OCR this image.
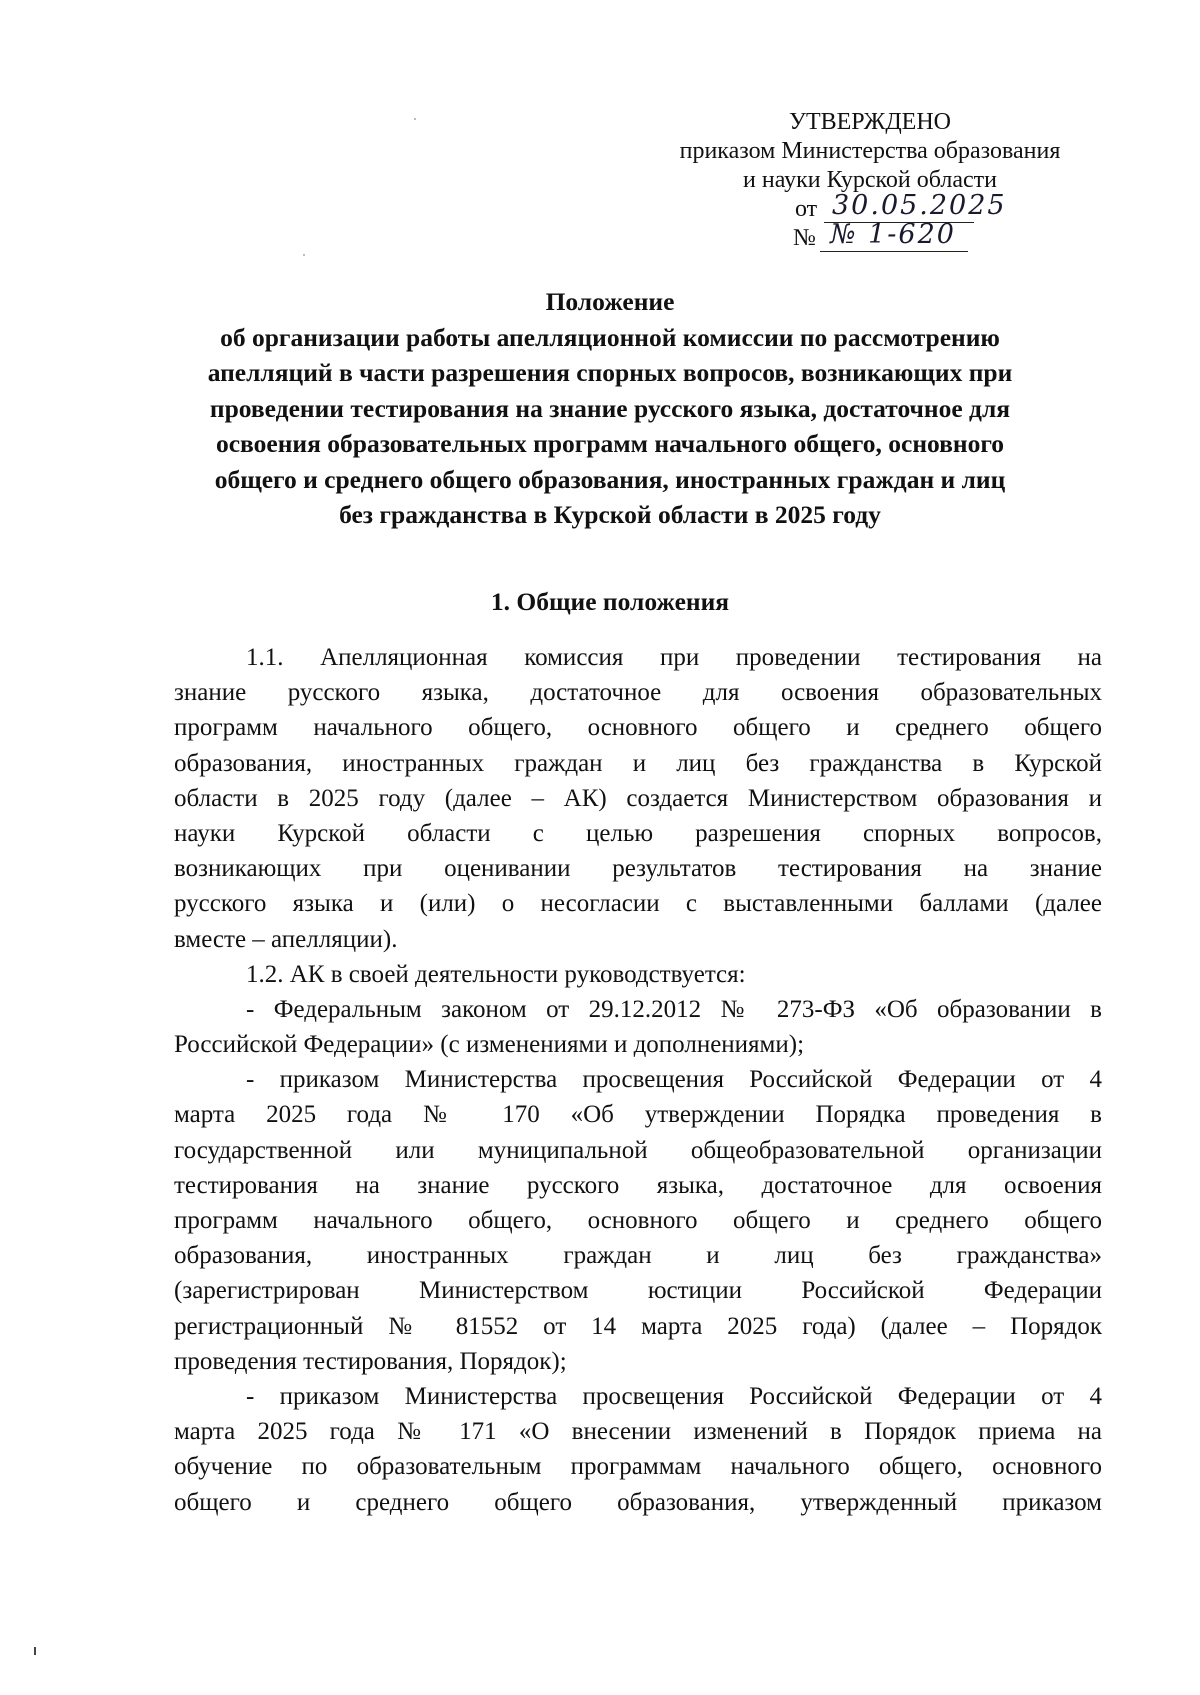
УТВЕРЖДЕНО
приказом Министерства образования
и науки Курской области
от 30.05.2025
№ № 1-620
Положение
об организации работы апелляционной комиссии по рассмотрению
апелляций в части разрешения спорных вопросов, возникающих при
проведении тестирования на знание русского языка, достаточное для
освоения образовательных программ начального общего, основного
общего и среднего общего образования, иностранных граждан и лиц
без гражданства в Курской области в 2025 году
1. Общие положения
1.1. Апелляционная комиссия при проведении тестирования на
знание русского языка, достаточное для освоения образовательных
программ начального общего, основного общего и среднего общего
образования, иностранных граждан и лиц без гражданства в Курской
области в 2025 году (далее – АК) создается Министерством образования и
науки Курской области с целью разрешения спорных вопросов,
возникающих при оценивании результатов тестирования на знание
русского языка и (или) о несогласии с выставленными баллами (далее
вместе – апелляции).
1.2. АК в своей деятельности руководствуется:
- Федеральным законом от 29.12.2012 № 273-ФЗ «Об образовании в
Российской Федерации» (с изменениями и дополнениями);
- приказом Министерства просвещения Российской Федерации от 4
марта 2025 года № 170 «Об утверждении Порядка проведения в
государственной или муниципальной общеобразовательной организации
тестирования на знание русского языка, достаточное для освоения
программ начального общего, основного общего и среднего общего
образования, иностранных граждан и лиц без гражданства»
(зарегистрирован Министерством юстиции Российской Федерации
регистрационный № 81552 от 14 марта 2025 года) (далее – Порядок
проведения тестирования, Порядок);
- приказом Министерства просвещения Российской Федерации от 4
марта 2025 года № 171 «О внесении изменений в Порядок приема на
обучение по образовательным программам начального общего, основного
общего и среднего общего образования, утвержденный приказом
